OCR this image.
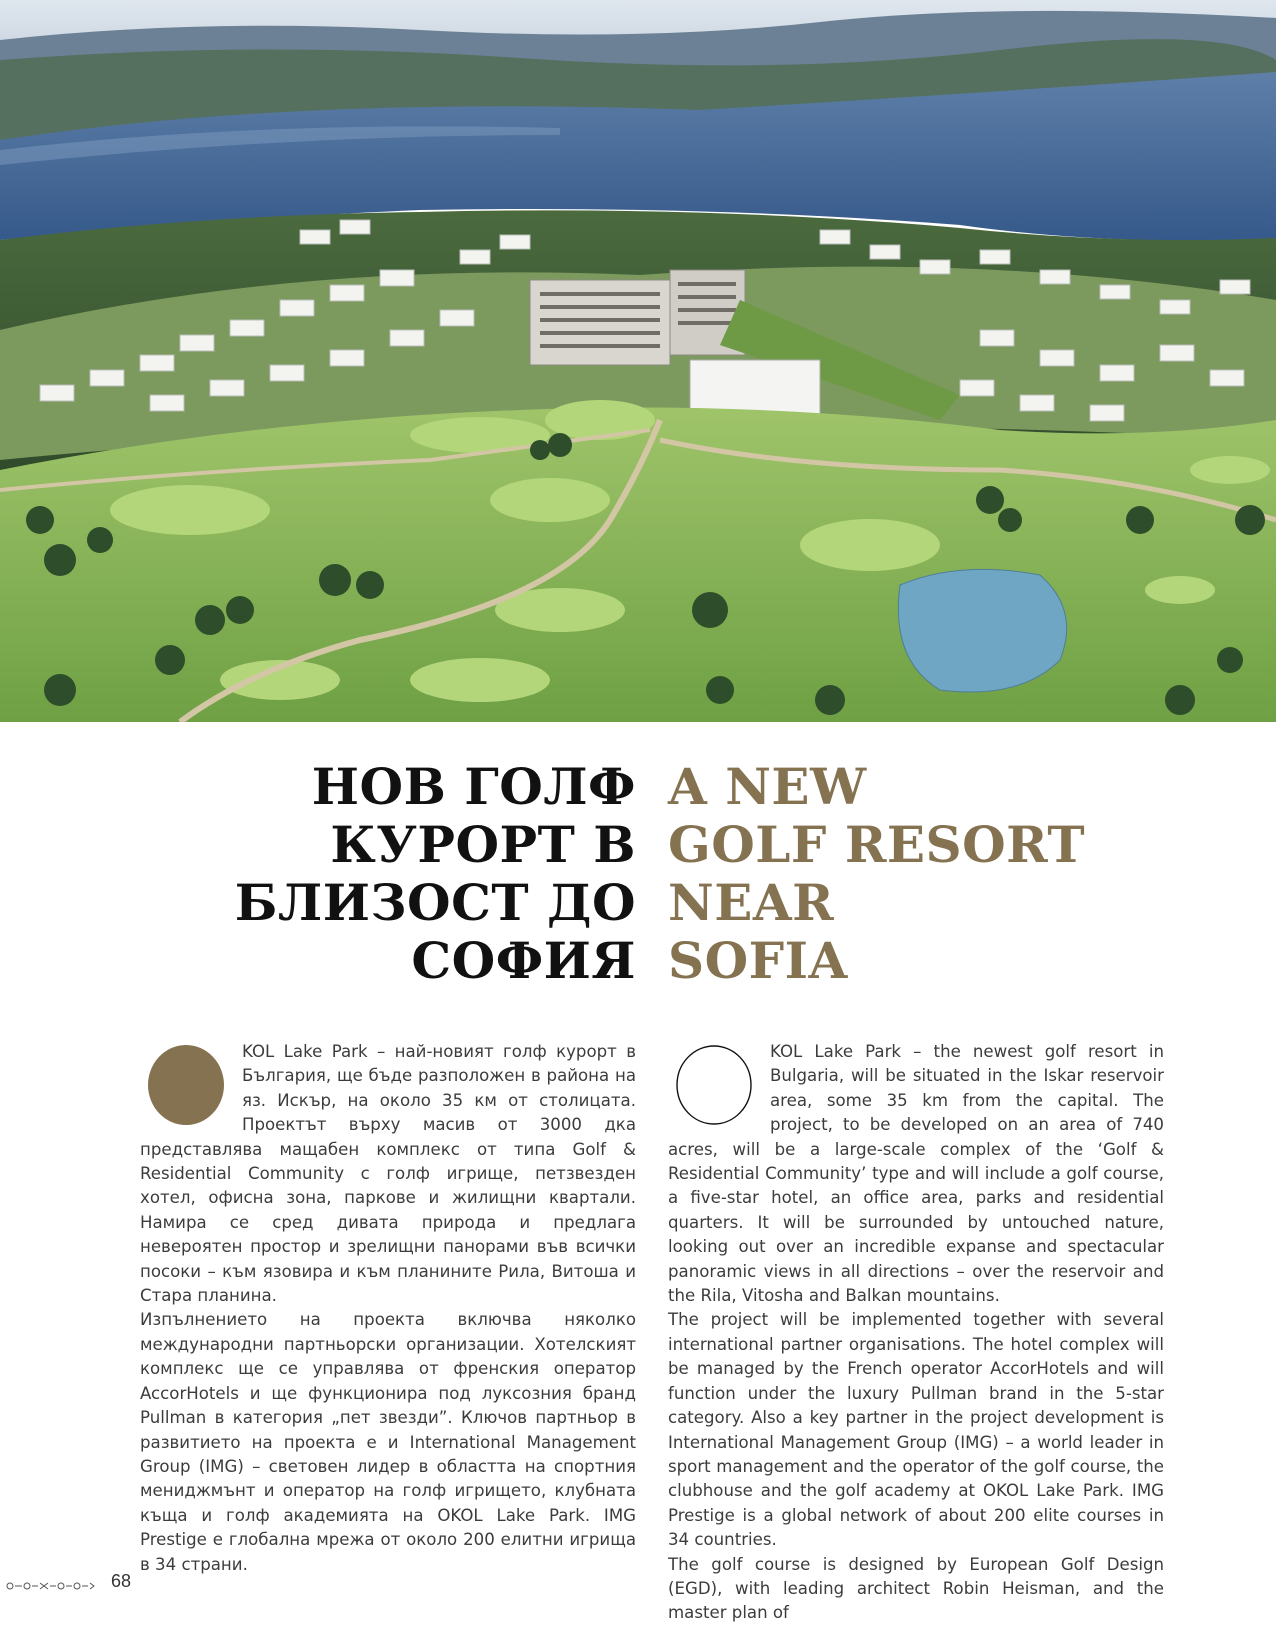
НОВ ГОЛФ
КУРОРТ В
БЛИЗОСТ ДО
СОФИЯ
A NEW
GOLF RESORT
NEAR
SOFIA

KOL Lake Park – най-новият голф курорт в България, ще бъде разположен в района на яз. Искър, на около 35 км от столицата. Проектът върху масив от 3000 дка представлява мащабен комплекс от типа Golf & Residential Community с голф игрище, петзвезден хотел, офисна зона, паркове и жилищни квартали. Намира се сред дивата природа и предлага невероятен простор и зрелищни панорами във всички посоки – към язовира и към планините Рила, Витоша и Стара планина.

Изпълнението на проекта включва няколко международни партньорски организации. Хотелският комплекс ще се управлява от френския оператор AccorHotels и ще функционира под луксозния бранд Pullman в категория „пет звезди”. Ключов партньор в развитието на проекта е и International Management Group (IMG) – световен лидер в областта на спортния мениджмънт и оператор на голф игрището, клубната къща и голф академията на OKOL Lake Park. IMG Prestige е глобална мрежа от около 200 елитни игрища в 34 страни.

KOL Lake Park – the newest golf resort in Bulgaria, will be situated in the Iskar reservoir area, some 35 km from the capital. The project, to be developed on an area of 740 acres, will be a large-scale complex of the ‘Golf & Residential Community’ type and will include a golf course, a five-star hotel, an office area, parks and residential quarters. It will be surrounded by untouched nature, looking out over an incredible expanse and spectacular panoramic views in all directions – over the reservoir and the Rila, Vitosha and Balkan mountains.

The project will be implemented together with several international partner organisations. The hotel complex will be managed by the French operator AccorHotels and will function under the luxury Pullman brand in the 5-star category. Also a key partner in the project development is International Management Group (IMG) – a world leader in sport management and the operator of the golf course, the clubhouse and the golf academy at OKOL Lake Park. IMG Prestige is a global network of about 200 elite courses in 34 countries.

The golf course is designed by European Golf Design (EGD), with leading architect Robin Heisman, and the master plan of

68
